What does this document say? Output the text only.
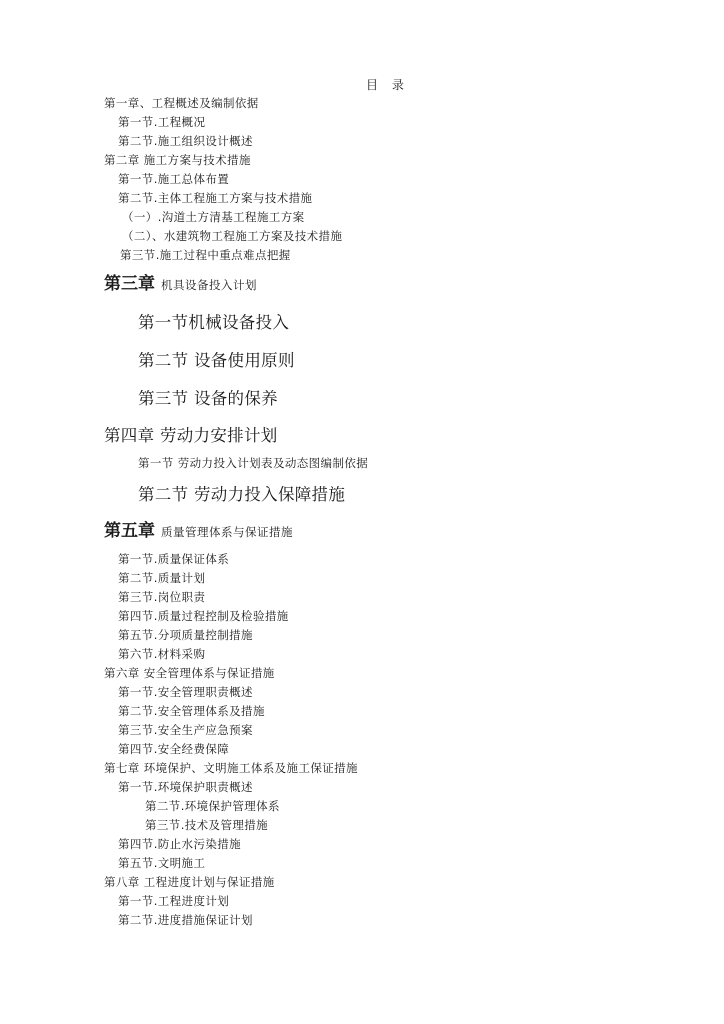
目 录
第一章、工程概述及编制依据
第一节.工程概况
第二节.施工组织设计概述
第二章 施工方案与技术措施
第一节.施工总体布置
第二节.主体工程施工方案与技术措施
（一）.沟道土方清基工程施工方案
（二）、水建筑物工程施工方案及技术措施
第三节.施工过程中重点难点把握
第三章 机具设备投入计划
第一节机械设备投入
第二节 设备使用原则
第三节 设备的保养
第四章 劳动力安排计划
第一节 劳动力投入计划表及动态图编制依据
第二节 劳动力投入保障措施
第五章 质量管理体系与保证措施
第一节.质量保证体系
第二节.质量计划
第三节.岗位职责
第四节.质量过程控制及检验措施
第五节.分项质量控制措施
第六节.材料采购
第六章 安全管理体系与保证措施
第一节.安全管理职责概述
第二节.安全管理体系及措施
第三节.安全生产应急预案
第四节.安全经费保障
第七章 环境保护、文明施工体系及施工保证措施
第一节.环境保护职责概述
第二节.环境保护管理体系
第三节.技术及管理措施
第四节.防止水污染措施
第五节.文明施工
第八章 工程进度计划与保证措施
第一节.工程进度计划
第二节.进度措施保证计划
